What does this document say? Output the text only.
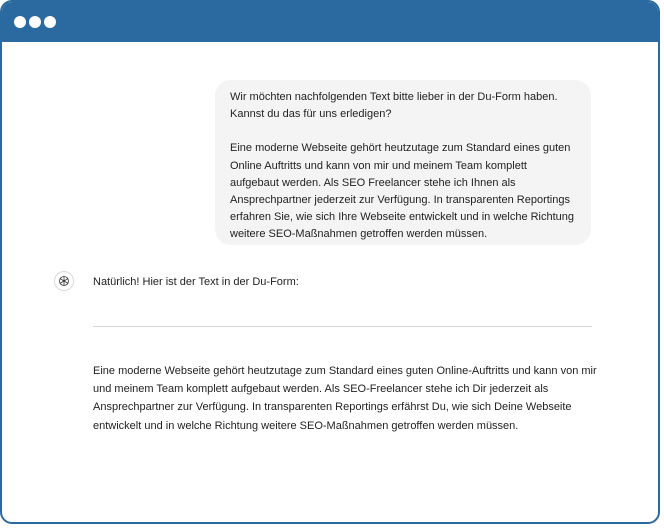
Wir möchten nachfolgenden Text bitte lieber in der Du-Form haben. Kannst du das für uns erledigen?

Eine moderne Webseite gehört heutzutage zum Standard eines guten Online Auftritts und kann von mir und meinem Team komplett aufgebaut werden. Als SEO Freelancer stehe ich Ihnen als Ansprechpartner jederzeit zur Verfügung. In transparenten Reportings erfahren Sie, wie sich Ihre Webseite entwickelt und in welche Richtung weitere SEO-Maßnahmen getroffen werden müssen.

Natürlich! Hier ist der Text in der Du-Form:
Eine moderne Webseite gehört heutzutage zum Standard eines guten Online-Auftritts und kann von mir und meinem Team komplett aufgebaut werden. Als SEO-Freelancer stehe ich Dir jederzeit als Ansprechpartner zur Verfügung. In transparenten Reportings erfährst Du, wie sich Deine Webseite entwickelt und in welche Richtung weitere SEO-Maßnahmen getroffen werden müssen.
